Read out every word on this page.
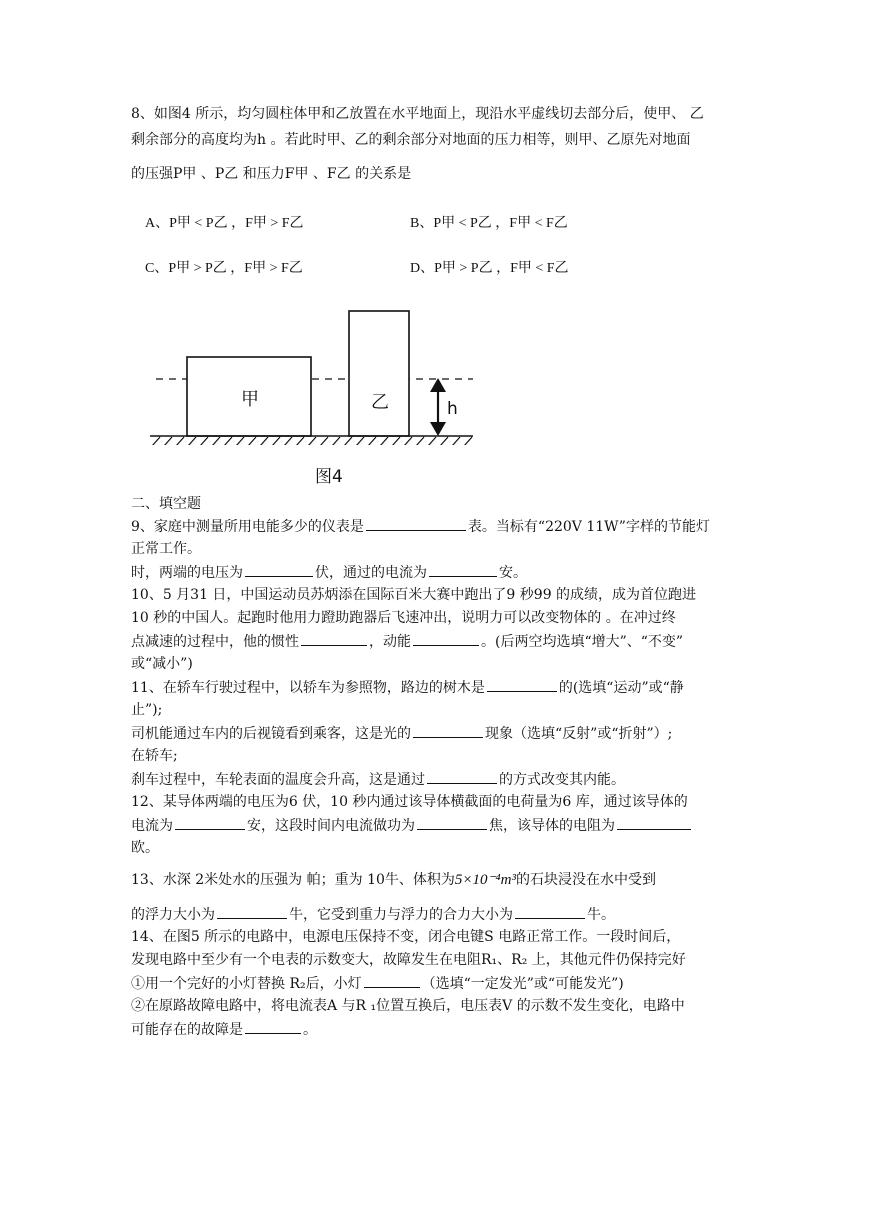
8、如图4 所示，均匀圆柱体甲和乙放置在水平地面上，现沿水平虚线切去部分后，使甲、 乙
剩余部分的高度均为h 。若此时甲、乙的剩余部分对地面的压力相等，则甲、乙原先对地面
的压强P甲 、P乙 和压力F甲 、F乙 的关系是
A、P甲 < P乙 ，F甲 > F乙	B、P甲 < P乙 ，F甲 < F乙
C、P甲 > P乙 ，F甲 > F乙	D、P甲 > P乙 ，F甲 < F乙
甲	乙	h
图4
二、填空题
9、家庭中测量所用电能多少的仪表是	表。当标有“220V 11W”字样的节能灯
正常工作。
时，两端的电压为	伏，通过的电流为	安。
10、5 月31 日，中国运动员苏炳添在国际百米大赛中跑出了9 秒99 的成绩，成为首位跑进
10 秒的中国人。起跑时他用力蹬助跑器后飞速冲出，说明力可以改变物体的 。在冲过终
点减速的过程中，他的惯性	，动能	。(后两空均选填“增大”、“不变”
或“减小”)
11、在轿车行驶过程中，以轿车为参照物，路边的树木是	的(选填“运动”或“静
止”);
司机能通过车内的后视镜看到乘客，这是光的	现象（选填“反射”或“折射”）;
在轿车;
刹车过程中，车轮表面的温度会升高，这是通过	的方式改变其内能。
12、某导体两端的电压为6 伏，10 秒内通过该导体横截面的电荷量为6 库，通过该导体的
电流为	安，这段时间内电流做功为	焦，该导体的电阻为
欧。
13、水深 2米处水的压强为 帕；重为 10牛、体积为5×10⁻⁴m³的石块浸没在水中受到
的浮力大小为	牛，它受到重力与浮力的合力大小为	牛。
14、在图5 所示的电路中，电源电压保持不变，闭合电键S 电路正常工作。一段时间后，
发现电路中至少有一个电表的示数变大，故障发生在电阻R₁、R₂ 上，其他元件仍保持完好
①用一个完好的小灯替换 R₂后，小灯	（选填“一定发光”或“可能发光”)
②在原路故障电路中，将电流表A 与R ₁位置互换后，电压表V 的示数不发生变化，电路中
可能存在的故障是	。
